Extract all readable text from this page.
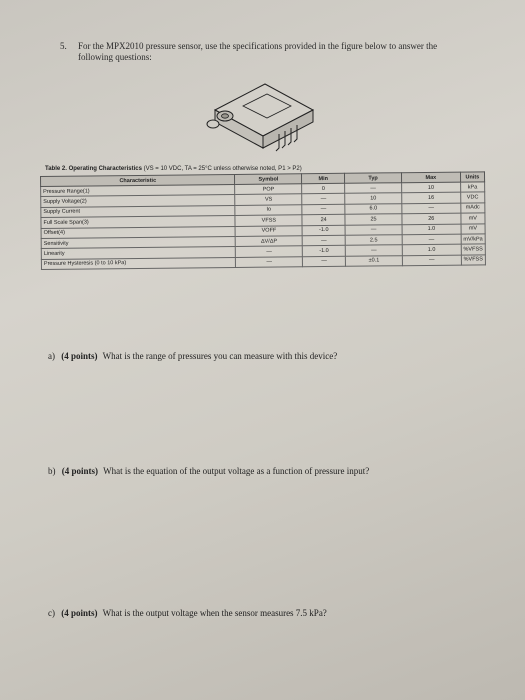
5. For the MPX2010 pressure sensor, use the specifications provided in the figure below to answer the following questions:
Table 2. Operating Characteristics (VS = 10 VDC, TA = 25°C unless otherwise noted, P1 > P2)
Characteristic	Symbol	Min	Typ	Max	Units
Pressure Range(1)	POP	0	—	10	kPa
Supply Voltage(2)	VS	—	10	16	VDC
Supply Current	Io	—	6.0	—	mAdc
Full Scale Span(3)	VFSS	24	25	26	mV
Offset(4)	VOFF	-1.0	—	1.0	mV
Sensitivity	ΔV/ΔP	—	2.5	—	mV/kPa
Linearity	—	-1.0	—	1.0	%VFSS
Pressure Hysteresis (0 to 10 kPa)	—	—	±0.1	—	%VFSS
a) (4 points) What is the range of pressures you can measure with this device?
b) (4 points) What is the equation of the output voltage as a function of pressure input?
c) (4 points) What is the output voltage when the sensor measures 7.5 kPa?
